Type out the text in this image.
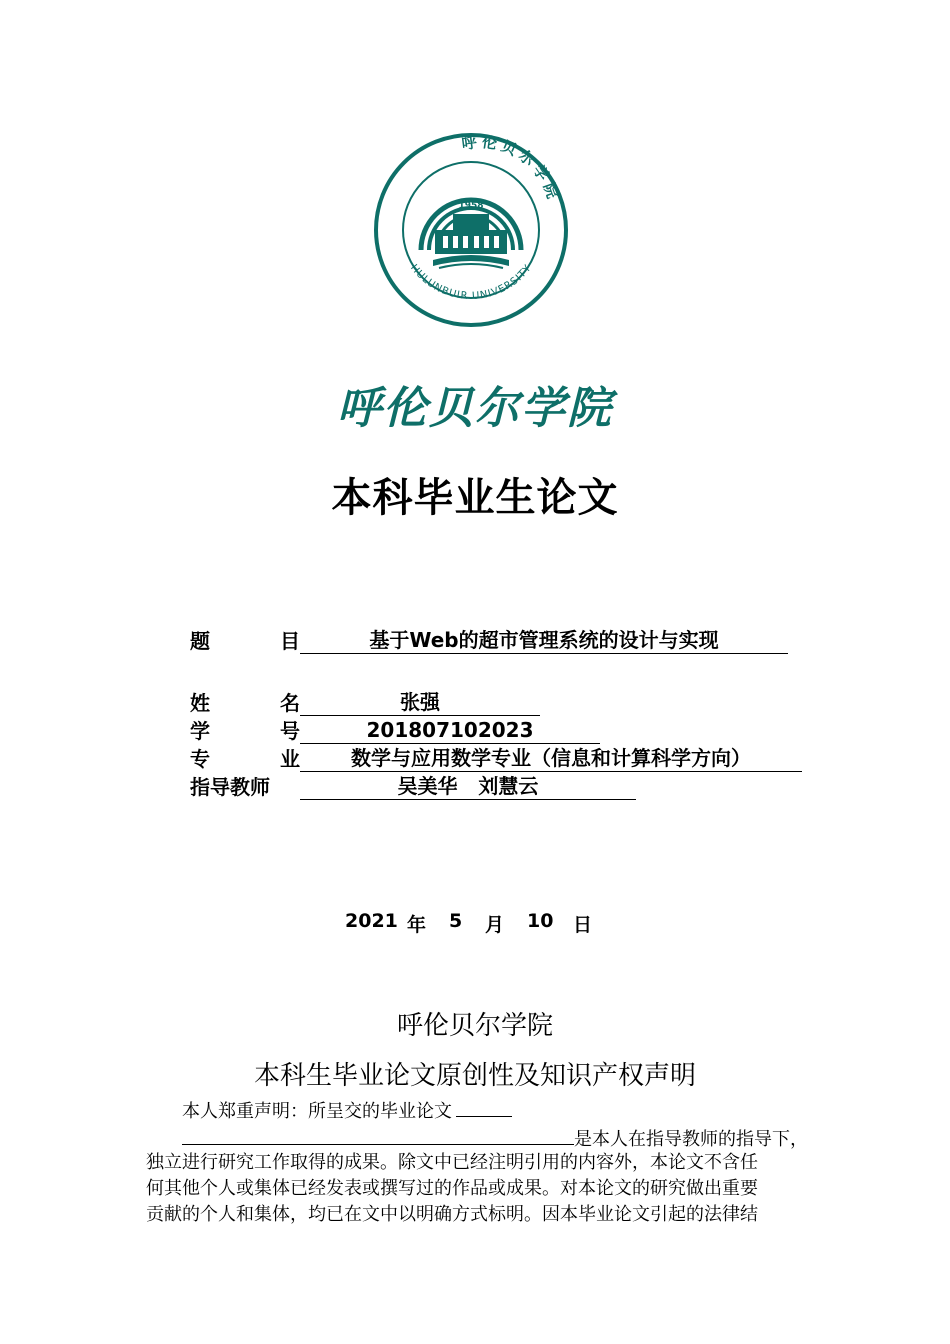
1958
HULUNBUIR UNIVERSITY
呼伦贝尔学院
呼伦贝尔学院
本科毕业生论文
题	目	基于Web的超市管理系统的设计与实现
姓	名	张强
学	号	201807102023
专	业	数学与应用数学专业（信息和计算科学方向）
指导教师	吴美华   刘慧云
2021 年	5	月	10	日
呼伦贝尔学院
本科生毕业论文原创性及知识产权声明
本人郑重声明：所呈交的毕业论文
是本人在指导教师的指导下，
独立进行研究工作取得的成果。除文中已经注明引用的内容外，本论文不含任
何其他个人或集体已经发表或撰写过的作品或成果。对本论文的研究做出重要
贡献的个人和集体，均已在文中以明确方式标明。因本毕业论文引起的法律结
